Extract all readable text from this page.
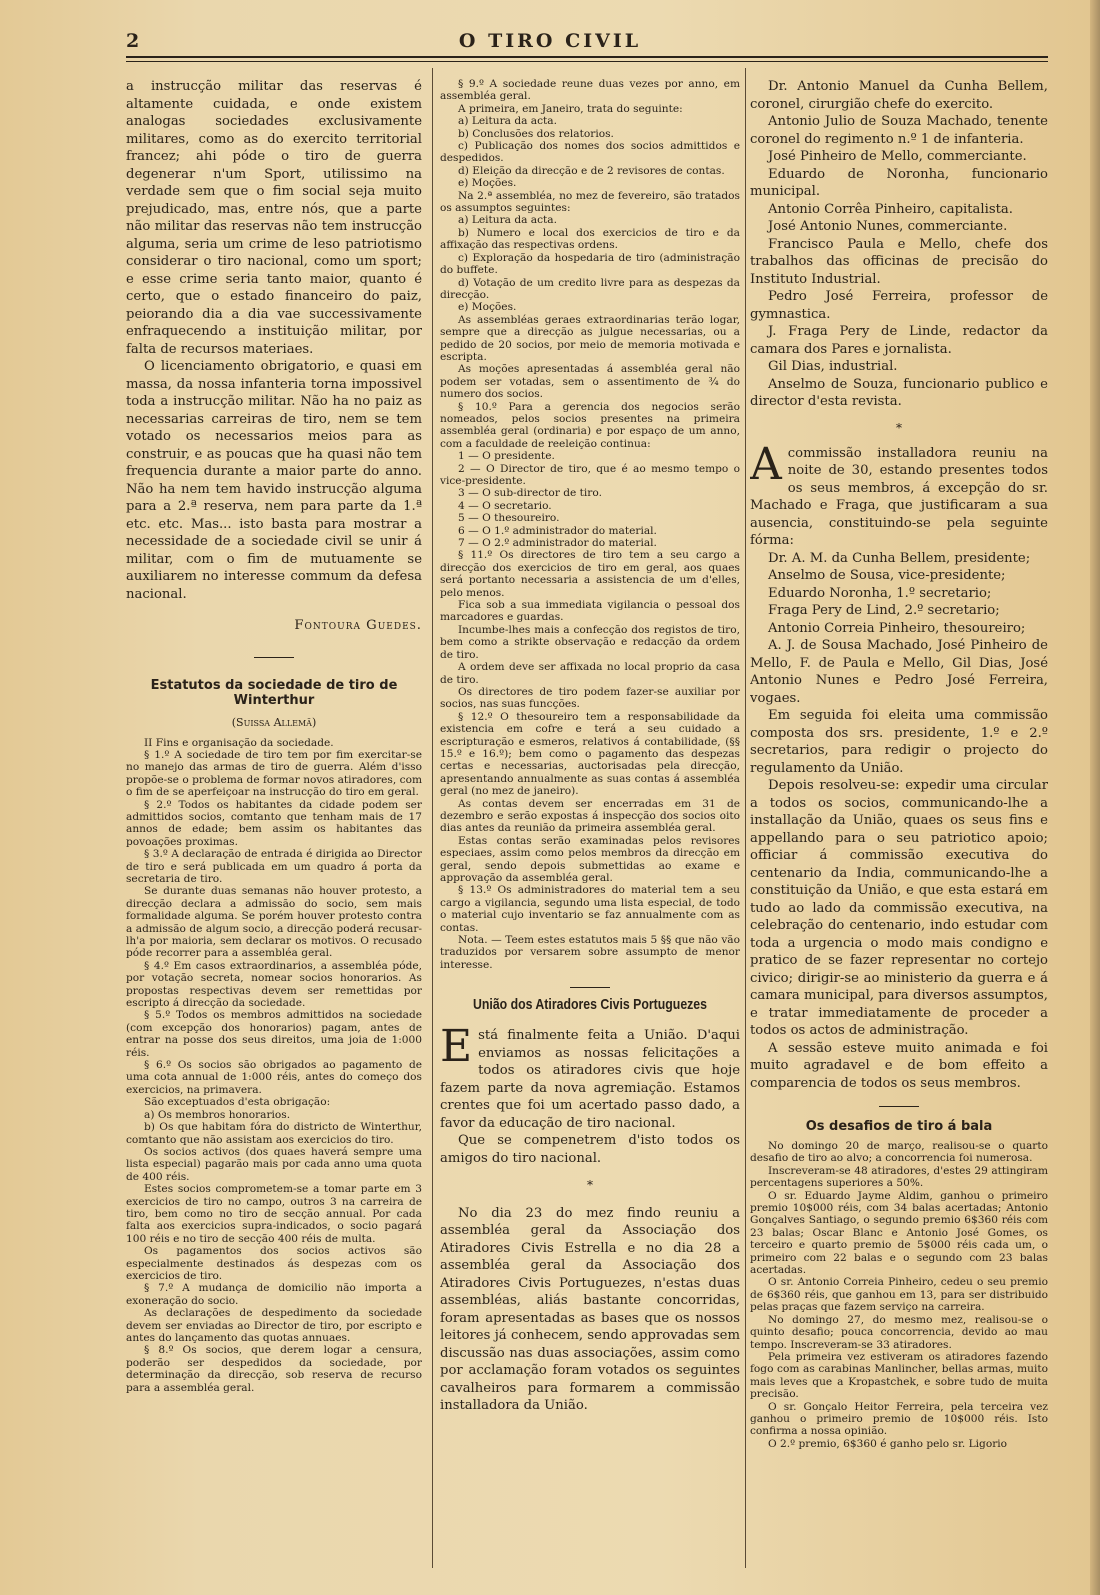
2	O TIRO CIVIL

a instrucção militar das reservas é altamente cuidada, e onde existem analogas sociedades exclusivamente militares, como as do exercito territorial francez; ahi póde o tiro de guerra degenerar n'um Sport, utilissimo na verdade sem que o fim social seja muito prejudicado, mas, entre nós, que a parte não militar das reservas não tem instrucção alguma, seria um crime de leso patriotismo considerar o tiro nacional, como um sport; e esse crime seria tanto maior, quanto é certo, que o estado financeiro do paiz, peiorando dia a dia vae successivamente enfraquecendo a instituição militar, por falta de recursos materiaes.

O licenciamento obrigatorio, e quasi em massa, da nossa infanteria torna impossivel toda a instrucção militar. Não ha no paiz as necessarias carreiras de tiro, nem se tem votado os necessarios meios para as construir, e as poucas que ha quasi não tem frequencia durante a maior parte do anno. Não ha nem tem havido instrucção alguma para a 2.ª reserva, nem para parte da 1.ª etc. etc. Mas... isto basta para mostrar a necessidade de a sociedade civil se unir á militar, com o fim de mutuamente se auxiliarem no interesse commum da defesa nacional.

Fontoura Guedes.

Estatutos da sociedade de tiro de Winterthur
(Suissa Allemã)

II Fins e organisação da sociedade.

§ 1.º A sociedade de tiro tem por fim exercitar-se no manejo das armas de tiro de guerra. Além d'isso propõe-se o problema de formar novos atiradores, com o fim de se aperfeiçoar na instrucção do tiro em geral.

§ 2.º Todos os habitantes da cidade podem ser admittidos socios, comtanto que tenham mais de 17 annos de edade; bem assim os habitantes das povoações proximas.

§ 3.º A declaração de entrada é dirigida ao Director de tiro e será publicada em um quadro á porta da secretaria de tiro.

Se durante duas semanas não houver protesto, a direcção declara a admissão do socio, sem mais formalidade alguma. Se porém houver protesto contra a admissão de algum socio, a direcção poderá recusar-lh'a por maioria, sem declarar os motivos. O recusado póde recorrer para a assembléa geral.

§ 4.º Em casos extraordinarios, a assembléa póde, por votação secreta, nomear socios honorarios. As propostas respectivas devem ser remettidas por escripto á direcção da sociedade.

§ 5.º Todos os membros admittidos na sociedade (com excepção dos honorarios) pagam, antes de entrar na posse dos seus direitos, uma joia de 1:000 réis.

§ 6.º Os socios são obrigados ao pagamento de uma cota annual de 1:000 réis, antes do começo dos exercicios, na primavera.

São exceptuados d'esta obrigação:

a) Os membros honorarios.

b) Os que habitam fóra do districto de Winterthur, comtanto que não assistam aos exercicios do tiro.

Os socios activos (dos quaes haverá sempre uma lista especial) pagarão mais por cada anno uma quota de 400 réis.

Estes socios comprometem-se a tomar parte em 3 exercicios de tiro no campo, outros 3 na carreira de tiro, bem como no tiro de secção annual. Por cada falta aos exercicios supra-indicados, o socio pagará 100 réis e no tiro de secção 400 réis de multa.

Os pagamentos dos socios activos são especialmente destinados ás despezas com os exercicios de tiro.

§ 7.º A mudança de domicilio não importa a exoneração do socio.

As declarações de despedimento da sociedade devem ser enviadas ao Director de tiro, por escripto e antes do lançamento das quotas annuaes.

§ 8.º Os socios, que derem logar a censura, poderão ser despedidos da sociedade, por determinação da direcção, sob reserva de recurso para a assembléa geral.

§ 9.º A sociedade reune duas vezes por anno, em assembléa geral.

A primeira, em Janeiro, trata do seguinte:

a) Leitura da acta.

b) Conclusões dos relatorios.

c) Publicação dos nomes dos socios admittidos e despedidos.

d) Eleição da direcção e de 2 revisores de contas.

e) Moções.

Na 2.ª assembléa, no mez de fevereiro, são tratados os assumptos seguintes:

a) Leitura da acta.

b) Numero e local dos exercicios de tiro e da affixação das respectivas ordens.

c) Exploração da hospedaria de tiro (administração do buffete.

d) Votação de um credito livre para as despezas da direcção.

e) Moções.

As assembléas geraes extraordinarias terão logar, sempre que a direcção as julgue necessarias, ou a pedido de 20 socios, por meio de memoria motivada e escripta.

As moções apresentadas á assembléa geral não podem ser votadas, sem o assentimento de ¾ do numero dos socios.

§ 10.º Para a gerencia dos negocios serão nomeados, pelos socios presentes na primeira assembléa geral (ordinaria) e por espaço de um anno, com a faculdade de reeleição continua:

1 — O presidente.

2 — O Director de tiro, que é ao mesmo tempo o vice-presidente.

3 — O sub-director de tiro.

4 — O secretario.

5 — O thesoureiro.

6 — O 1.º administrador do material.

7 — O 2.º administrador do material.

§ 11.º Os directores de tiro tem a seu cargo a direcção dos exercicios de tiro em geral, aos quaes será portanto necessaria a assistencia de um d'elles, pelo menos.

Fica sob a sua immediata vigilancia o pessoal dos marcadores e guardas.

Incumbe-lhes mais a confecção dos registos de tiro, bem como a strikte observação e redacção da ordem de tiro.

A ordem deve ser affixada no local proprio da casa de tiro.

Os directores de tiro podem fazer-se auxiliar por socios, nas suas funcções.

§ 12.º O thesoureiro tem a responsabilidade da existencia em cofre e terá a seu cuidado a escripturação e esmeros, relativos á contabilidade, (§§ 15.º e 16.º); bem como o pagamento das despezas certas e necessarias, auctorisadas pela direcção, apresentando annualmente as suas contas á assembléa geral (no mez de janeiro).

As contas devem ser encerradas em 31 de dezembro e serão expostas á inspecção dos socios oito dias antes da reunião da primeira assembléa geral.

Estas contas serão examinadas pelos revisores especiaes, assim como pelos membros da direcção em geral, sendo depois submettidas ao exame e approvação da assembléa geral.

§ 13.º Os administradores do material tem a seu cargo a vigilancia, segundo uma lista especial, de todo o material cujo inventario se faz annualmente com as contas.

Nota. — Teem estes estatutos mais 5 §§ que não vão traduzidos por versarem sobre assumpto de menor interesse.

União dos Atiradores Civis Portuguezes

Está finalmente feita a União. D'aqui enviamos as nossas felicitações a todos os atiradores civis que hoje fazem parte da nova agremiação. Estamos crentes que foi um acertado passo dado, a favor da educação de tiro nacional.

Que se compenetrem d'isto todos os amigos do tiro nacional.

*

No dia 23 do mez findo reuniu a assembléa geral da Associação dos Atiradores Civis Estrella e no dia 28 a assembléa geral da Associação dos Atiradores Civis Portuguezes, n'estas duas assembléas, aliás bastante concorridas, foram apresentadas as bases que os nossos leitores já conhecem, sendo approvadas sem discussão nas duas associações, assim como por acclamação foram votados os seguintes cavalheiros para formarem a commissão installadora da União.

Dr. Antonio Manuel da Cunha Bellem, coronel, cirurgião chefe do exercito.

Antonio Julio de Souza Machado, tenente coronel do regimento n.º 1 de infanteria.

José Pinheiro de Mello, commerciante.

Eduardo de Noronha, funcionario municipal.

Antonio Corrêa Pinheiro, capitalista.

José Antonio Nunes, commerciante.

Francisco Paula e Mello, chefe dos trabalhos das officinas de precisão do Instituto Industrial.

Pedro José Ferreira, professor de gymnastica.

J. Fraga Pery de Linde, redactor da camara dos Pares e jornalista.

Gil Dias, industrial.

Anselmo de Souza, funcionario publico e director d'esta revista.

*

Acommissão installadora reuniu na noite de 30, estando presentes todos os seus membros, á excepção do sr. Machado e Fraga, que justificaram a sua ausencia, constituindo-se pela seguinte fórma:

Dr. A. M. da Cunha Bellem, presidente;

Anselmo de Sousa, vice-presidente;

Eduardo Noronha, 1.º secretario;

Fraga Pery de Lind, 2.º secretario;

Antonio Correia Pinheiro, thesoureiro;

A. J. de Sousa Machado, José Pinheiro de Mello, F. de Paula e Mello, Gil Dias, José Antonio Nunes e Pedro José Ferreira, vogaes.

Em seguida foi eleita uma commissão composta dos srs. presidente, 1.º e 2.º secretarios, para redigir o projecto do regulamento da União.

Depois resolveu-se: expedir uma circular a todos os socios, communicando-lhe a installação da União, quaes os seus fins e appellando para o seu patriotico apoio; officiar á commissão executiva do centenario da India, communicando-lhe a constituição da União, e que esta estará em tudo ao lado da commissão executiva, na celebração do centenario, indo estudar com toda a urgencia o modo mais condigno e pratico de se fazer representar no cortejo civico; dirigir-se ao ministerio da guerra e á camara municipal, para diversos assumptos, e tratar immediatamente de proceder a todos os actos de administração.

A sessão esteve muito animada e foi muito agradavel e de bom effeito a comparencia de todos os seus membros.

Os desafios de tiro á bala

No domingo 20 de março, realisou-se o quarto desafio de tiro ao alvo; a concorrencia foi numerosa.

Inscreveram-se 48 atiradores, d'estes 29 attingiram percentagens superiores a 50%.

O sr. Eduardo Jayme Aldim, ganhou o primeiro premio 10$000 réis, com 34 balas acertadas; Antonio Gonçalves Santiago, o segundo premio 6$360 réis com 23 balas; Oscar Blanc e Antonio José Gomes, os terceiro e quarto premio de 5$000 réis cada um, o primeiro com 22 balas e o segundo com 23 balas acertadas.

O sr. Antonio Correia Pinheiro, cedeu o seu premio de 6$360 réis, que ganhou em 13, para ser distribuido pelas praças que fazem serviço na carreira.

No domingo 27, do mesmo mez, realisou-se o quinto desafio; pouca concorrencia, devido ao mau tempo. Inscreveram-se 33 atiradores.

Pela primeira vez estiveram os atiradores fazendo fogo com as carabinas Manlincher, bellas armas, muito mais leves que a Kropastchek, e sobre tudo de muita precisão.

O sr. Gonçalo Heitor Ferreira, pela terceira vez ganhou o primeiro premio de 10$000 réis. Isto confirma a nossa opinião.

O 2.º premio, 6$360 é ganho pelo sr. Ligorio
